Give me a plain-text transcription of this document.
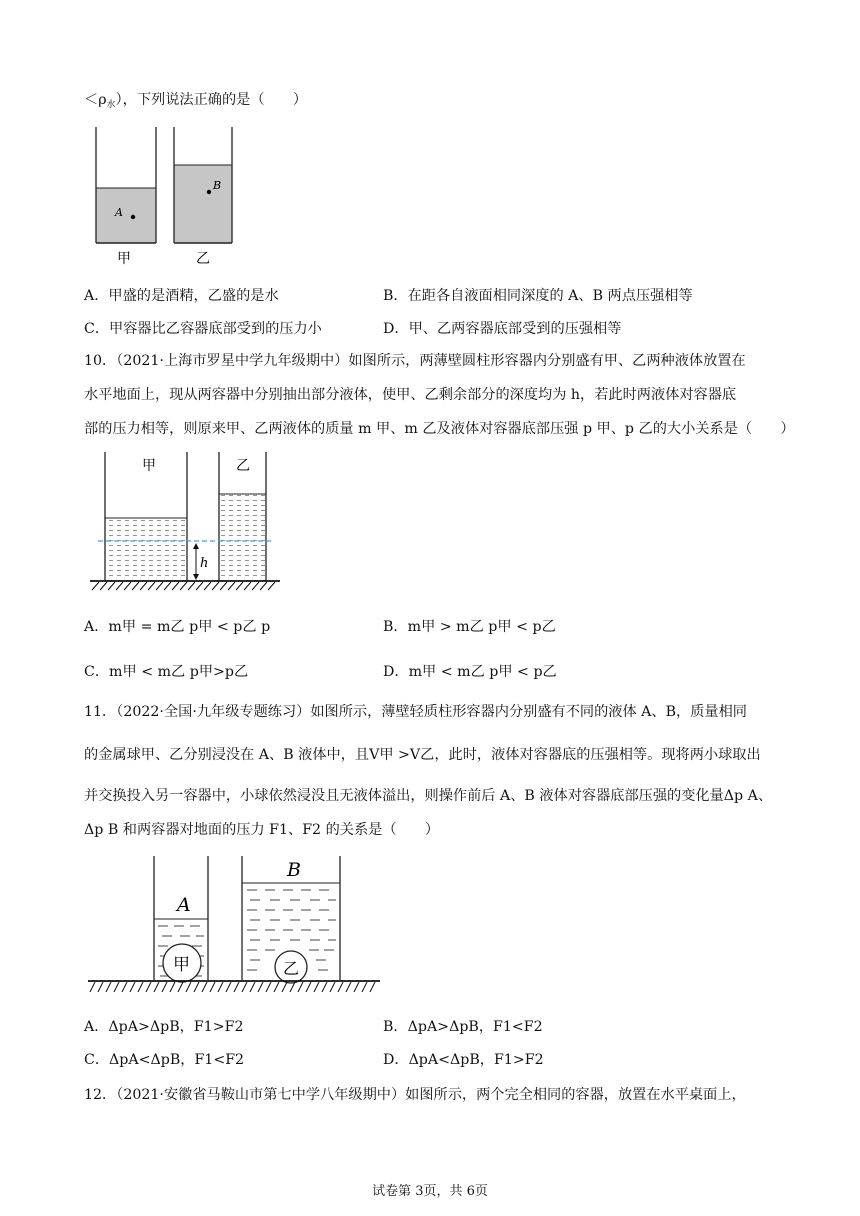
$<\rho_水$），下列说法正确的是（　　）
A
B
甲	乙
A．甲盛的是酒精，乙盛的是水	B．在距各自液面相同深度的 A、B 两点压强相等
C．甲容器比乙容器底部受到的压力小	D．甲、乙两容器底部受到的压强相等
10．（2021·上海市罗星中学九年级期中）如图所示，两薄壁圆柱形容器内分别盛有甲、乙两种液体放置在
水平地面上，现从两容器中分别抽出部分液体，使甲、乙剩余部分的深度均为 h，若此时两液体对容器底
部的压力相等，则原来甲、乙两液体的质量 m 甲、m 乙及液体对容器底部压强 p 甲、p 乙的大小关系是（　　）
甲	乙
h
A．m甲 = m乙 p甲 < p乙 p	B．m甲 > m乙 p甲 < p乙
C．m甲 < m乙 p甲>p乙	D．m甲 < m乙 p甲 < p乙
11．（2022·全国·九年级专题练习）如图所示，薄壁轻质柱形容器内分别盛有不同的液体 A、B，质量相同
的金属球甲、乙分别浸没在 A、B 液体中，且V甲 >V乙，此时，液体对容器底的压强相等。现将两小球取出
并交换投入另一容器中，小球依然浸没且无液体溢出，则操作前后 A、B 液体对容器底部压强的变化量Δp A、
Δp B 和两容器对地面的压力 F1、F2 的关系是（　　）
A
甲
B
乙
A．ΔpA>ΔpB，F1>F2	B．ΔpA>ΔpB，F1<F2
C．ΔpA<ΔpB，F1<F2	D．ΔpA<ΔpB，F1>F2
12．（2021·安徽省马鞍山市第七中学八年级期中）如图所示，两个完全相同的容器，放置在水平桌面上，
试卷第 3页，共 6页
